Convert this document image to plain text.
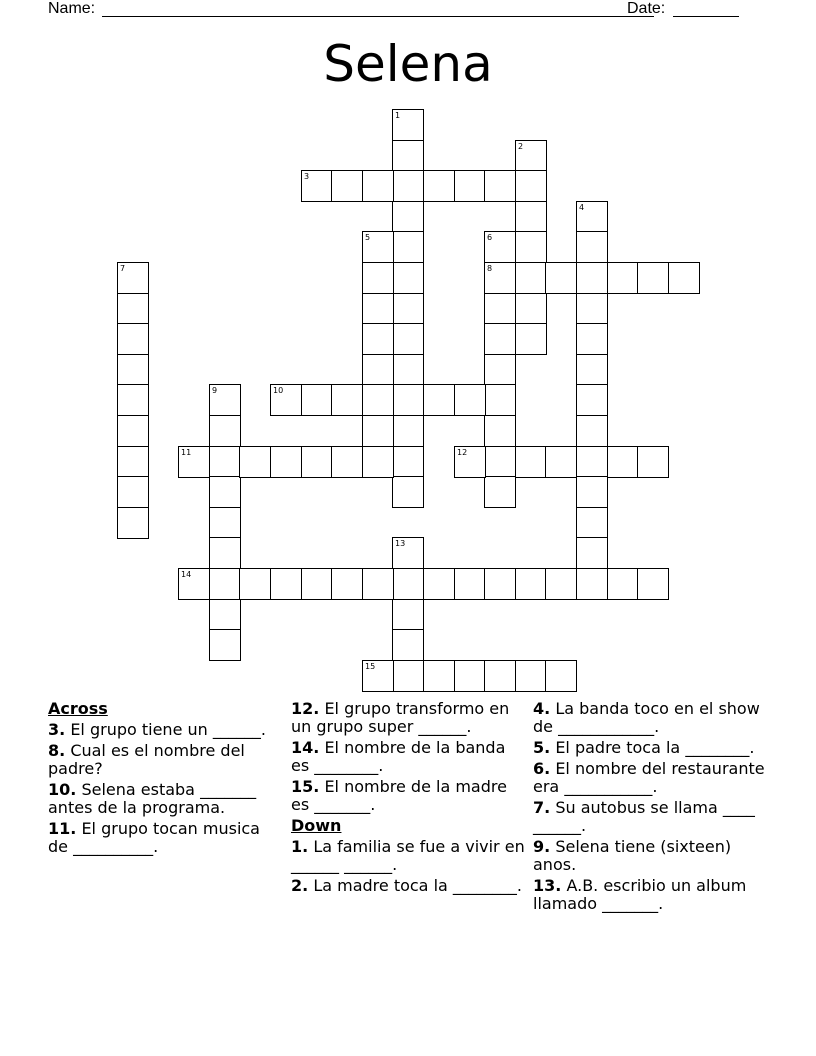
Name:	Date:
Selena
1
2
3
4
5	6
8
7
9	10
11	12
13
14
15
Across
3. El grupo tiene un ______.
8. Cual es el nombre del padre?
10. Selena estaba _______ antes de la programa.
11. El grupo tocan musica de __________.
12. El grupo transformo en un grupo super ______.
14. El nombre de la banda es ________.
15. El nombre de la madre es _______.
Down
1. La familia se fue a vivir en ______ ______.
2. La madre toca la ________.
4. La banda toco en el show de ____________.
5. El padre toca la ________.
6. El nombre del restaurante era ___________.
7. Su autobus se llama ____ ______.
9. Selena tiene (sixteen) anos.
13. A.B. escribio un album llamado _______.
